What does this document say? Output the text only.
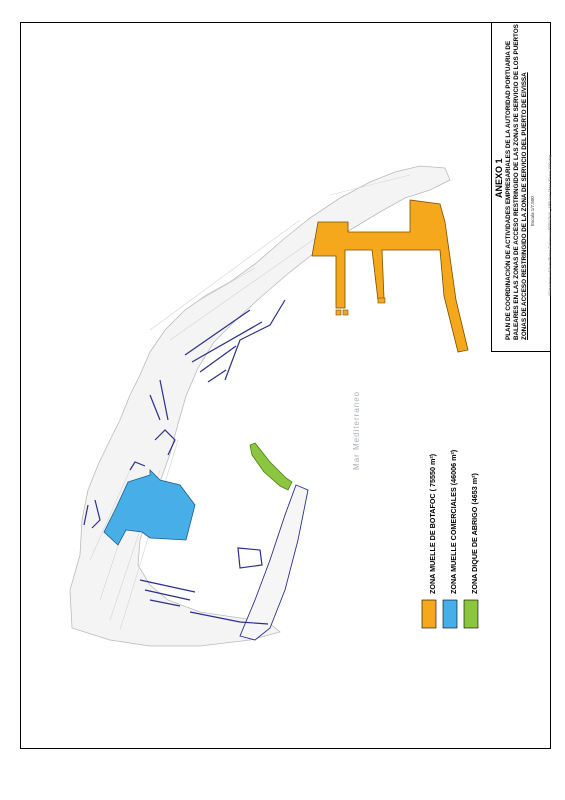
Mar Mediterraneo
ZONA MUELLE DE BOTAFOC ( 75550 m²) ZONA MUELLE COMERCIALES (46006 m²) ZONA DIQUE DE ABRIGO (4653 m²)
ANEXO 1 PLAN DE COORDINACIÓN DE ACTIVIDADES EMPRESARIALES DE LA AUTORIDAD PORTUARIA DE BALEARES EN LAS ZONAS DE ACCESO RESTRINGIDO DE LAS ZONAS DE SERVICIO DE LOS PUERTOS ZONAS DE ACCESO RESTRINGIDO DE LA ZONA DE SERVICIO DEL PUERTO DE EIVISSA Escala 1/7.500	\\Gdsadmin\ord\Users\Planos\Delineacio\PERSONAL_APB\Juan Maria \Eiviss\2006 dwg
